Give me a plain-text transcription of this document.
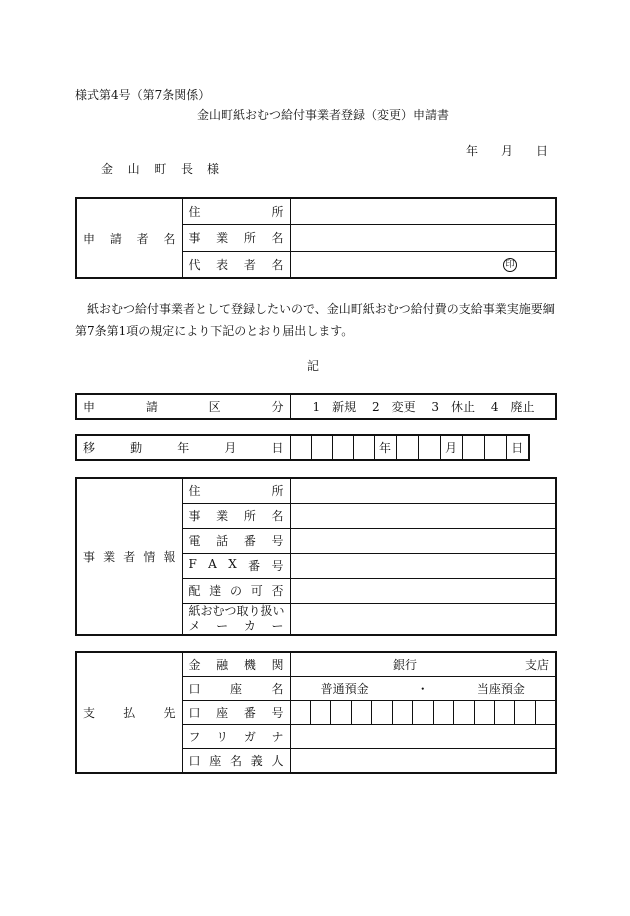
様式第4号（第7条関係）
金山町紙おむつ給付事業者登録（変更）申請書
年 月 日
金 山 町 長 様
申 請 者 名	住 所	

	事 業 所 名	

	代 表 者 名	印
紙おむつ給付事業者として登録したいので、金山町紙おむつ給付費の支給事業実施要綱第7条第1項の規定により下記のとおり届出します。
記
申	請	区	分	1　新規　 2　変更　 3　休止　 4　廃止
移	動	年	月	日					年			月			日
事 業 者 情 報	住 所	

	事 業 所 名	

	電 話 番 号	

	F A X 番 号	

	配 達 の 可 否	

	紙おむつ取り扱い
メ ー カ ー	

支 払 先	金 融 機 関	銀行 支店												

	口 座 名	普通預金 ・ 当座預金												

	口 座 番 号													

	フ リ ガ ナ													

	口 座 名 義 人													
